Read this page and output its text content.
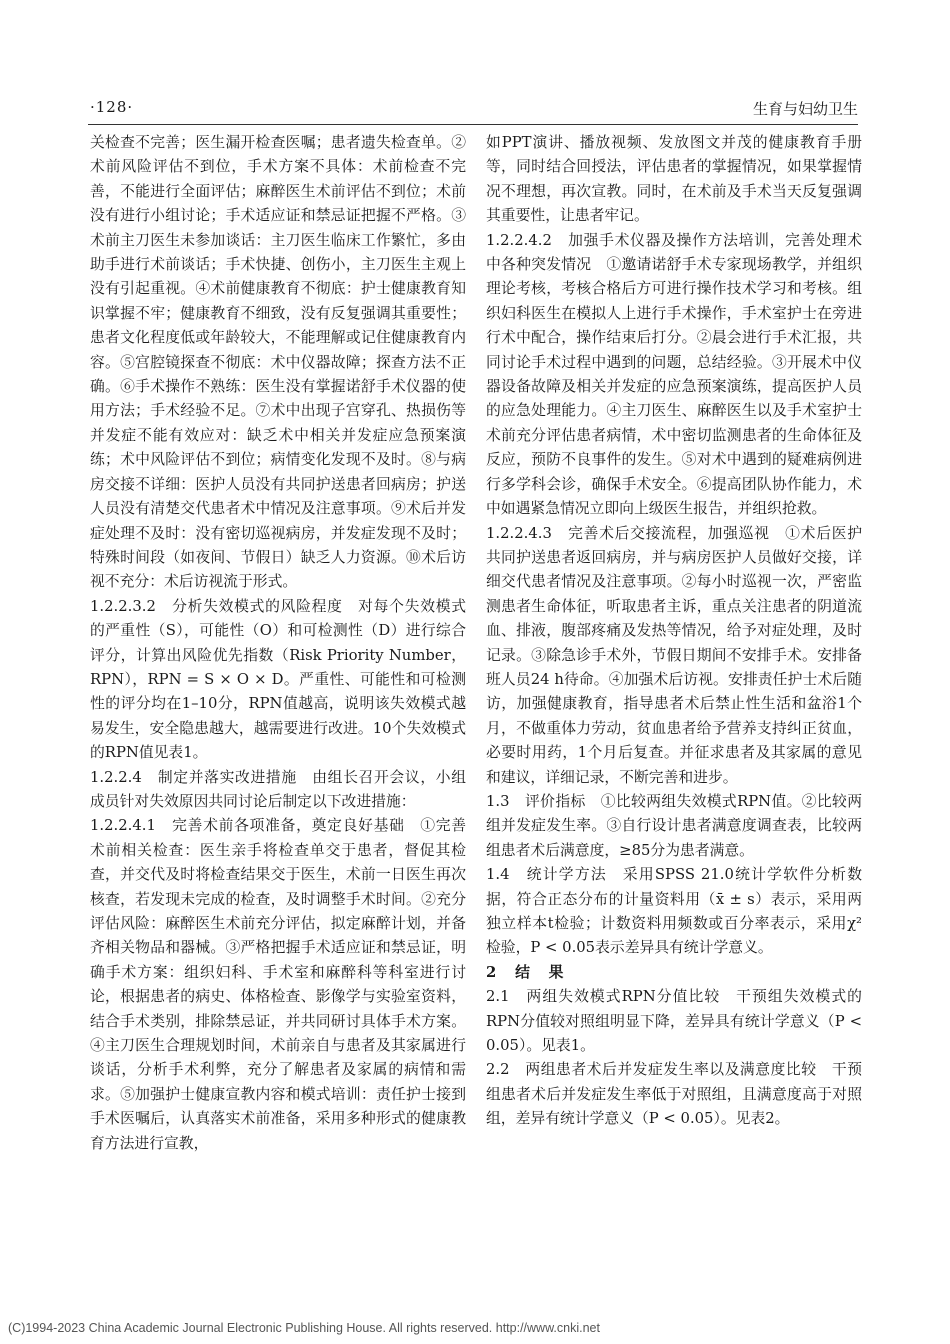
·128·	生育与妇幼卫生

关检查不完善；医生漏开检查医嘱；患者遗失检查单。②术前风险评估不到位，手术方案不具体：术前检查不完善，不能进行全面评估；麻醉医生术前评估不到位；术前没有进行小组讨论；手术适应证和禁忌证把握不严格。③术前主刀医生未参加谈话：主刀医生临床工作繁忙，多由助手进行术前谈话；手术快捷、创伤小，主刀医生主观上没有引起重视。④术前健康教育不彻底：护士健康教育知识掌握不牢；健康教育不细致，没有反复强调其重要性；患者文化程度低或年龄较大，不能理解或记住健康教育内容。⑤宫腔镜探查不彻底：术中仪器故障；探查方法不正确。⑥手术操作不熟练：医生没有掌握诺舒手术仪器的使用方法；手术经验不足。⑦术中出现子宫穿孔、热损伤等并发症不能有效应对：缺乏术中相关并发症应急预案演练；术中风险评估不到位；病情变化发现不及时。⑧与病房交接不详细：医护人员没有共同护送患者回病房；护送人员没有清楚交代患者术中情况及注意事项。⑨术后并发症处理不及时：没有密切巡视病房，并发症发现不及时；特殊时间段（如夜间、节假日）缺乏人力资源。⑩术后访视不充分：术后访视流于形式。

1.2.2.3.2　分析失效模式的风险程度　对每个失效模式的严重性（S），可能性（O）和可检测性（D）进行综合评分，计算出风险优先指数（Risk Priority Number，RPN），RPN = S × O × D。严重性、可能性和可检测性的评分均在1–10分，RPN值越高，说明该失效模式越易发生，安全隐患越大，越需要进行改进。10个失效模式的RPN值见表1。

1.2.2.4　制定并落实改进措施　由组长召开会议，小组成员针对失效原因共同讨论后制定以下改进措施：

1.2.2.4.1　完善术前各项准备，奠定良好基础　①完善术前相关检查：医生亲手将检查单交于患者，督促其检查，并交代及时将检查结果交于医生，术前一日医生再次核查，若发现未完成的检查，及时调整手术时间。②充分评估风险：麻醉医生术前充分评估，拟定麻醉计划，并备齐相关物品和器械。③严格把握手术适应证和禁忌证，明确手术方案：组织妇科、手术室和麻醉科等科室进行讨论，根据患者的病史、体格检查、影像学与实验室资料，结合手术类别，排除禁忌证，并共同研讨具体手术方案。④主刀医生合理规划时间，术前亲自与患者及其家属进行谈话，分析手术利弊，充分了解患者及家属的病情和需求。⑤加强护士健康宣教内容和模式培训：责任护士接到手术医嘱后，认真落实术前准备，采用多种形式的健康教育方法进行宣教，

如PPT演讲、播放视频、发放图文并茂的健康教育手册等，同时结合回授法，评估患者的掌握情况，如果掌握情况不理想，再次宣教。同时，在术前及手术当天反复强调其重要性，让患者牢记。

1.2.2.4.2　加强手术仪器及操作方法培训，完善处理术中各种突发情况　①邀请诺舒手术专家现场教学，并组织理论考核，考核合格后方可进行操作技术学习和考核。组织妇科医生在模拟人上进行手术操作，手术室护士在旁进行术中配合，操作结束后打分。②晨会进行手术汇报，共同讨论手术过程中遇到的问题，总结经验。③开展术中仪器设备故障及相关并发症的应急预案演练，提高医护人员的应急处理能力。④主刀医生、麻醉医生以及手术室护士术前充分评估患者病情，术中密切监测患者的生命体征及反应，预防不良事件的发生。⑤对术中遇到的疑难病例进行多学科会诊，确保手术安全。⑥提高团队协作能力，术中如遇紧急情况立即向上级医生报告，并组织抢救。

1.2.2.4.3　完善术后交接流程，加强巡视　①术后医护共同护送患者返回病房，并与病房医护人员做好交接，详细交代患者情况及注意事项。②每小时巡视一次，严密监测患者生命体征，听取患者主诉，重点关注患者的阴道流血、排液，腹部疼痛及发热等情况，给予对症处理，及时记录。③除急诊手术外，节假日期间不安排手术。安排备班人员24 h待命。④加强术后访视。安排责任护士术后随访，加强健康教育，指导患者术后禁止性生活和盆浴1个月，不做重体力劳动，贫血患者给予营养支持纠正贫血，必要时用药，1个月后复查。并征求患者及其家属的意见和建议，详细记录，不断完善和进步。

1.3　评价指标　①比较两组失效模式RPN值。②比较两组并发症发生率。③自行设计患者满意度调查表，比较两组患者术后满意度，≥85分为患者满意。

1.4　统计学方法　采用SPSS 21.0统计学软件分析数据，符合正态分布的计量资料用（x̄ ± s）表示，采用两独立样本t检验；计数资料用频数或百分率表示，采用χ² 检验，P < 0.05表示差异具有统计学意义。

2　结　果

2.1　两组失效模式RPN分值比较　干预组失效模式的RPN分值较对照组明显下降，差异具有统计学意义（P < 0.05）。见表1。

2.2　两组患者术后并发症发生率以及满意度比较　干预组患者术后并发症发生率低于对照组，且满意度高于对照组，差异有统计学意义（P < 0.05）。见表2。

(C)1994-2023 China Academic Journal Electronic Publishing House. All rights reserved. http://www.cnki.net
